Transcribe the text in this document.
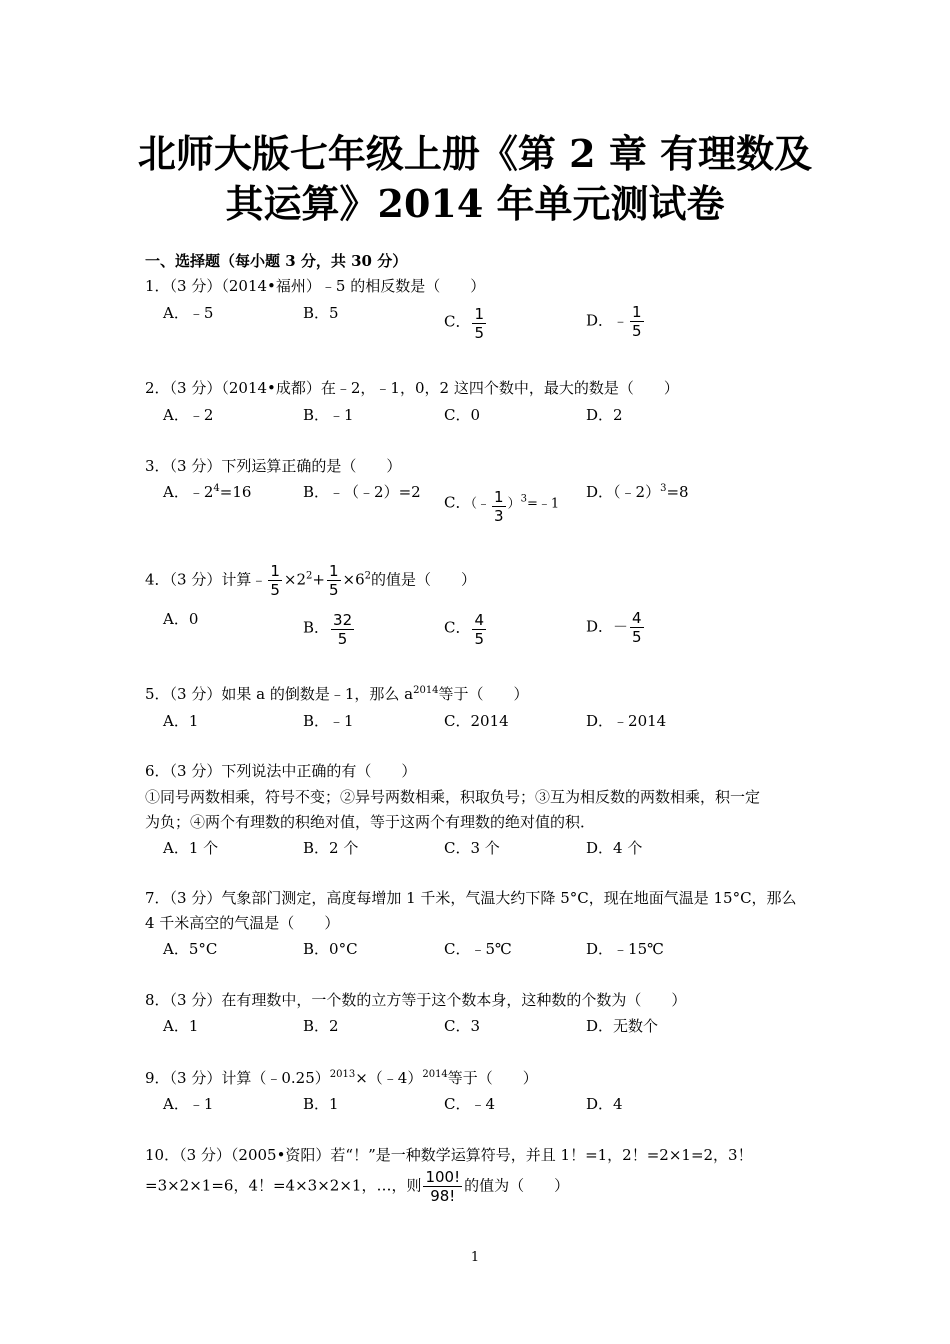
北师大版七年级上册《第 2 章 有理数及
其运算》2014 年单元测试卷
一、选择题（每小题 3 分，共 30 分）
1．（3 分）（2014•福州）﹣5 的相反数是（　　）
A．﹣5	B．5	C． $\frac{1}{5}$	D．﹣ $\frac{1}{5}$
2．（3 分）（2014•成都）在﹣2，﹣1，0，2 这四个数中，最大的数是（　　）
A．﹣2	B．﹣1	C．0	D．2
3．（3 分）下列运算正确的是（　　）
A．$﹣2^4=16$	B．﹣（﹣2）=2
C．（﹣ $\frac{1}{3}$ ）$^3$=﹣1
D．（﹣2）$^3$=8
4．（3 分）计算﹣ $\frac{1}{5} \times 2^2+ \frac{1}{5} \times 6^2$的值是（　　）
A．0	B． $\frac{32}{5}$	C． $\frac{4}{5}$	D．－ $\frac{4}{5}$
5．（3 分）如果 a 的倒数是﹣1，那么 $a^{2014}$等于（　　）
A．1	B．﹣1	C．2014	D．﹣2014
6．（3 分）下列说法中正确的有（　　）
①同号两数相乘，符号不变；②异号两数相乘，积取负号；③互为相反数的两数相乘，积一定
为负；④两个有理数的积绝对值，等于这两个有理数的绝对值的积．
A．1 个	B．2 个	C．3 个	D．4 个
7．（3 分）气象部门测定，高度每增加 1 千米，气温大约下降 5°C，现在地面气温是 15°C，那么
4 千米高空的气温是（　　）
A．5°C	B．0°C	C．﹣5℃	D．﹣15℃
8．（3 分）在有理数中，一个数的立方等于这个数本身，这种数的个数为（　　）
A．1	B．2	C．3	D．无数个
9．（3 分）计算（﹣0.25）$^{2013}$×（﹣4）$^{2014}$等于（　　）
A．﹣1	B．1	C．﹣4	D．4
10．（3 分）（2005•资阳）若“！”是一种数学运算符号，并且 1！=1，2！=2×1=2，3！
=3×2×1=6，4！=4×3×2×1，…，则 $\frac{100!}{98!}$ 的值为（　　）
1
